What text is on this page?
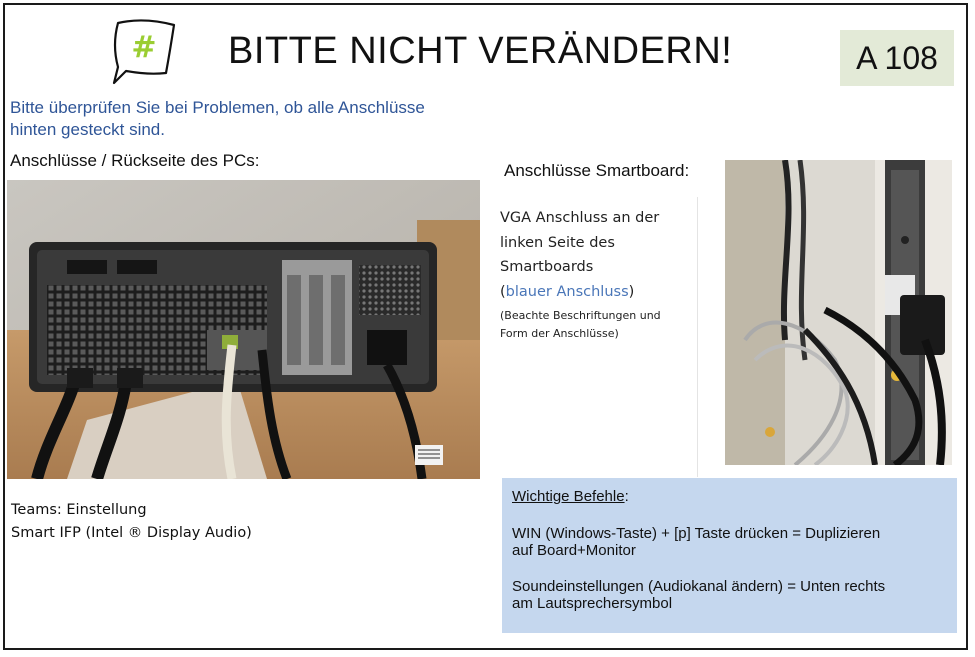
# BITTE NICHT VERÄNDERN!	A 108
Bitte überprüfen Sie bei Problemen, ob alle Anschlüsse
hinten gesteckt sind.
Anschlüsse / Rückseite des PCs:
Anschlüsse Smartboard:
VGA Anschluss an der
linken Seite des
Smartboards
(blauer Anschluss)
(Beachte Beschriftungen und
Form der Anschlüsse)
Teams: Einstellung
Smart IFP (Intel ® Display Audio)

Wichtige Befehle:

WIN (Windows-Taste) + [p] Taste drücken = Duplizieren
auf Board+Monitor

Soundeinstellungen (Audiokanal ändern) = Unten rechts
am Lautsprechersymbol
